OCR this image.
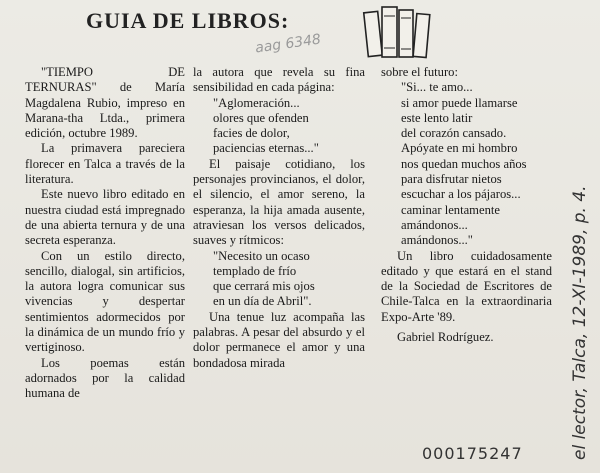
GUIA DE LIBROS:
aag 6348

"TIEMPO DE TERNURAS" de María Magdalena Rubio, impreso en Marana-tha Ltda., primera edición, octubre 1989.

La primavera pareciera florecer en Talca a través de la literatura.

Este nuevo libro editado en nuestra ciudad está impregnado de una abierta ternura y de una secreta esperanza.

Con un estilo directo, sencillo, dialogal, sin artificios, la autora logra comunicar sus vivencias y despertar sentimientos adormecidos por la dinámica de un mundo frío y vertiginoso.

Los poemas están adornados por la calidad humana de

la autora que revela su fina sensibilidad en cada página:

"Aglomeración...

olores que ofenden

facies de dolor,

paciencias eternas..."

El paisaje cotidiano, los personajes provincianos, el dolor, el silencio, el amor sereno, la esperanza, la hija amada ausente, atraviesan los versos delicados, suaves y rítmicos:

"Necesito un ocaso

templado de frío

que cerrará mis ojos

en un día de Abril".

Una tenue luz acompaña las palabras. A pesar del absurdo y el dolor permanece el amor y una bondadosa mirada

sobre el futuro:

"Si... te amo...

si amor puede llamarse

este lento latir

del corazón cansado.

Apóyate en mi hombro

nos quedan muchos años

para disfrutar nietos

escuchar a los pájaros...

caminar lentamente

amándonos...

amándonos..."

Un libro cuidadosamente editado y que estará en el stand de la Sociedad de Escritores de Chile-Talca en la extraordinaria Expo-Arte '89.

Gabriel Rodríguez.	el lector, Talca, 12-XI-1989, p. 4.
000175247
